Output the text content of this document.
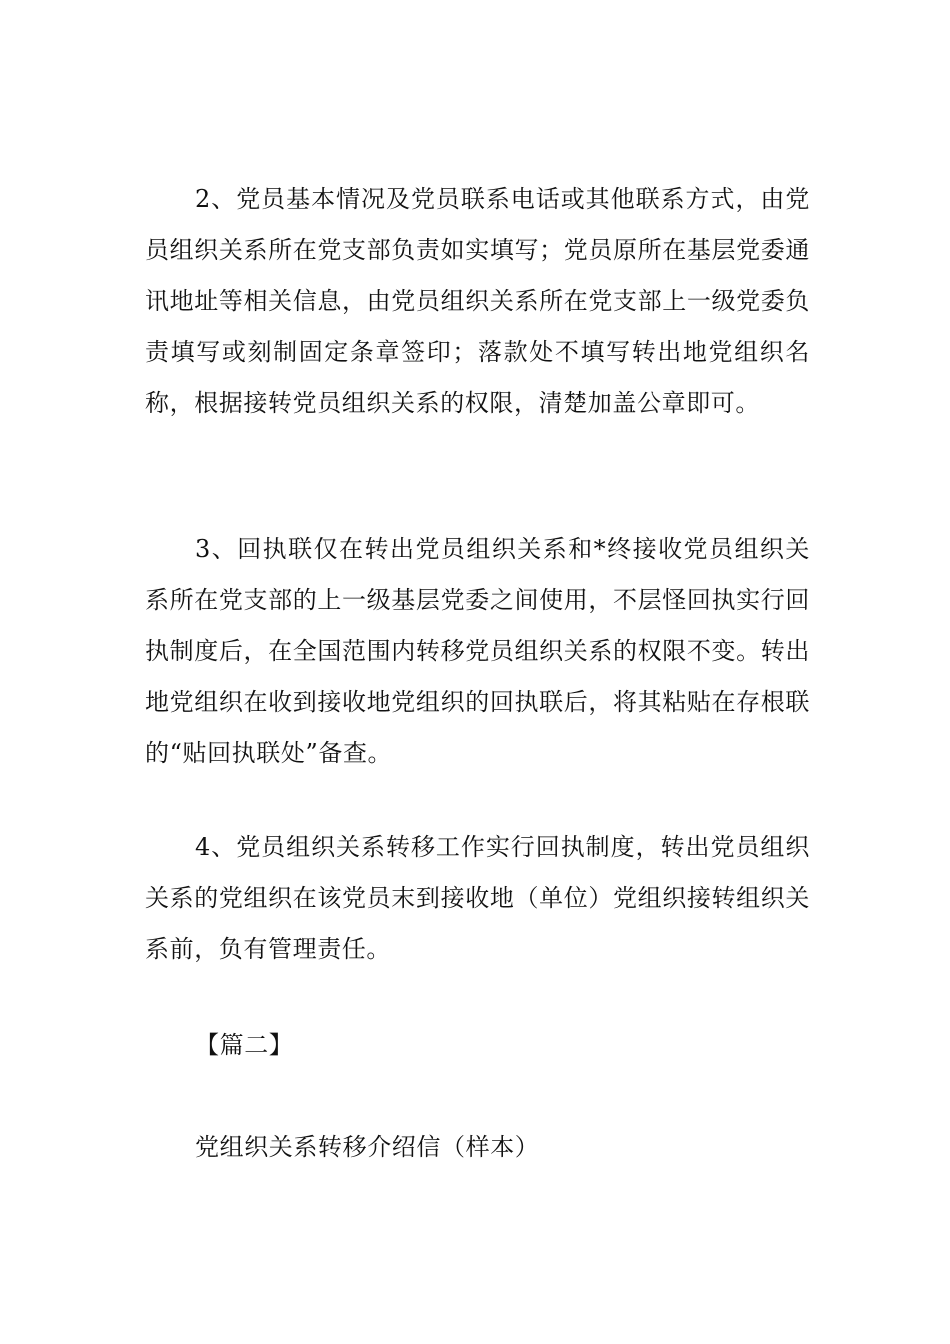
2、党员基本情况及党员联系电话或其他联系方式，由党员组织关系所在党支部负责如实填写；党员原所在基层党委通讯地址等相关信息，由党员组织关系所在党支部上一级党委负责填写或刻制固定条章签印；落款处不填写转出地党组织名称，根据接转党员组织关系的权限，清楚加盖公章即可。

3、回执联仅在转出党员组织关系和*终接收党员组织关系所在党支部的上一级基层党委之间使用，不层怪回执实行回执制度后，在全国范围内转移党员组织关系的权限不变。转出地党组织在收到接收地党组织的回执联后，将其粘贴在存根联的“贴回执联处”备查。

4、党员组织关系转移工作实行回执制度，转出党员组织关系的党组织在该党员末到接收地（单位）党组织接转组织关系前，负有管理责任。

【篇二】

党组织关系转移介绍信（样本）
